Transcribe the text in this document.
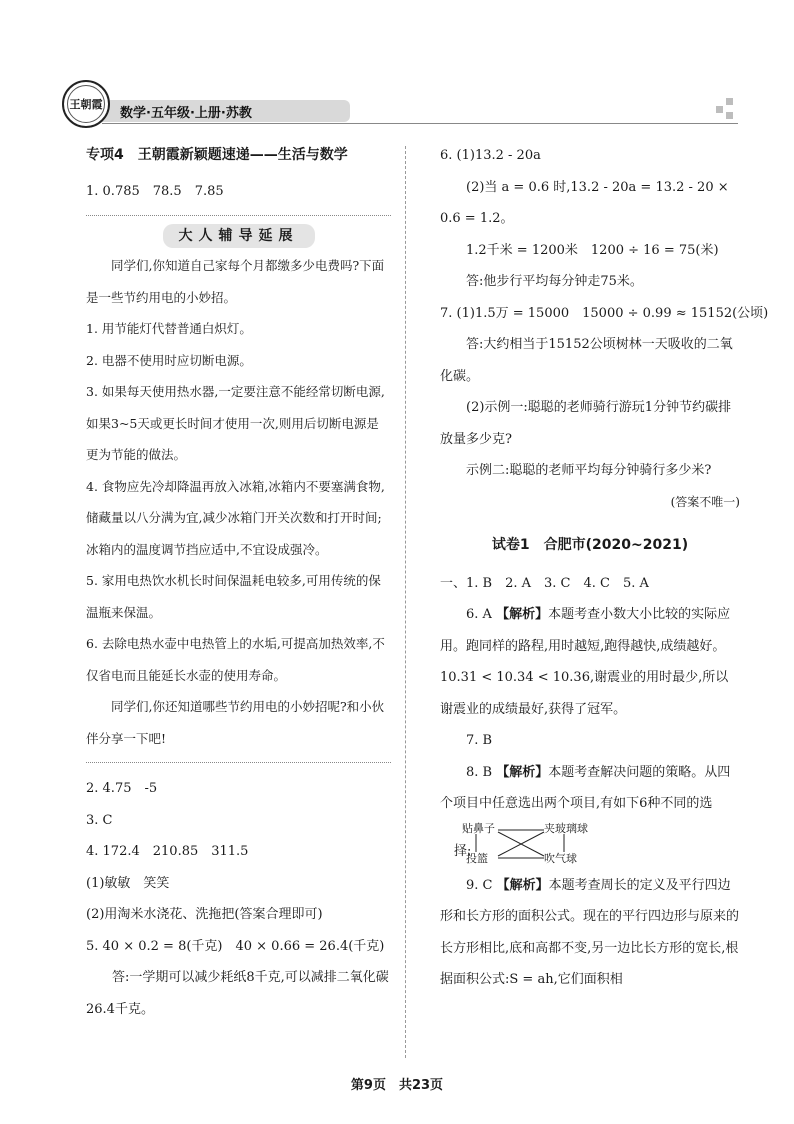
王朝霞
数学·五年级·上册·苏教
专项4　王朝霞新颖题速递——生活与数学
1. 0.785　78.5　7.85
大人辅导延展
同学们,你知道自己家每个月都缴多少电费吗?下面是一些节约用电的小妙招。
1. 用节能灯代替普通白炽灯。
2. 电器不使用时应切断电源。
3. 如果每天使用热水器,一定要注意不能经常切断电源,如果3~5天或更长时间才使用一次,则用后切断电源是更为节能的做法。
4. 食物应先冷却降温再放入冰箱,冰箱内不要塞满食物,储藏量以八分满为宜,减少冰箱门开关次数和打开时间;冰箱内的温度调节挡应适中,不宜设成强冷。
5. 家用电热饮水机长时间保温耗电较多,可用传统的保温瓶来保温。
6. 去除电热水壶中电热管上的水垢,可提高加热效率,不仅省电而且能延长水壶的使用寿命。
同学们,你还知道哪些节约用电的小妙招呢?和小伙伴分享一下吧!
2. 4.75　-5
3. C
4. 172.4　210.85　311.5
(1)敏敏　笑笑
(2)用淘米水浇花、洗拖把(答案合理即可)
5. 40 × 0.2 = 8(千克)　40 × 0.66 = 26.4(千克)
答:一学期可以减少耗纸8千克,可以减排二氧化碳26.4千克。
6. (1)13.2 - 20a
(2)当 a = 0.6 时,13.2 - 20a = 13.2 - 20 × 0.6 = 1.2。
1.2千米 = 1200米　1200 ÷ 16 = 75(米)
答:他步行平均每分钟走75米。
7. (1)1.5万 = 15000　15000 ÷ 0.99 ≈ 15152(公顷)
答:大约相当于15152公顷树林一天吸收的二氧化碳。
(2)示例一:聪聪的老师骑行游玩1分钟节约碳排放量多少克?
示例二:聪聪的老师平均每分钟骑行多少米?
(答案不唯一)
试卷1　合肥市(2020~2021)
一、1. B　2. A　3. C　4. C　5. A
6. A 【解析】本题考查小数大小比较的实际应用。跑同样的路程,用时越短,跑得越快,成绩越好。10.31 < 10.34 < 10.36,谢震业的用时最少,所以谢震业的成绩最好,获得了冠军。
7. B
8. B 【解析】本题考查解决问题的策略。从四个项目中任意选出两个项目,有如下6种不同的选
择:
贴鼻子	夹玻璃球
投篮	吹气球
9. C 【解析】本题考查周长的定义及平行四边形和长方形的面积公式。现在的平行四边形与原来的长方形相比,底和高都不变,另一边比长方形的宽长,根据面积公式:S = ah,它们面积相
第9页　共23页
